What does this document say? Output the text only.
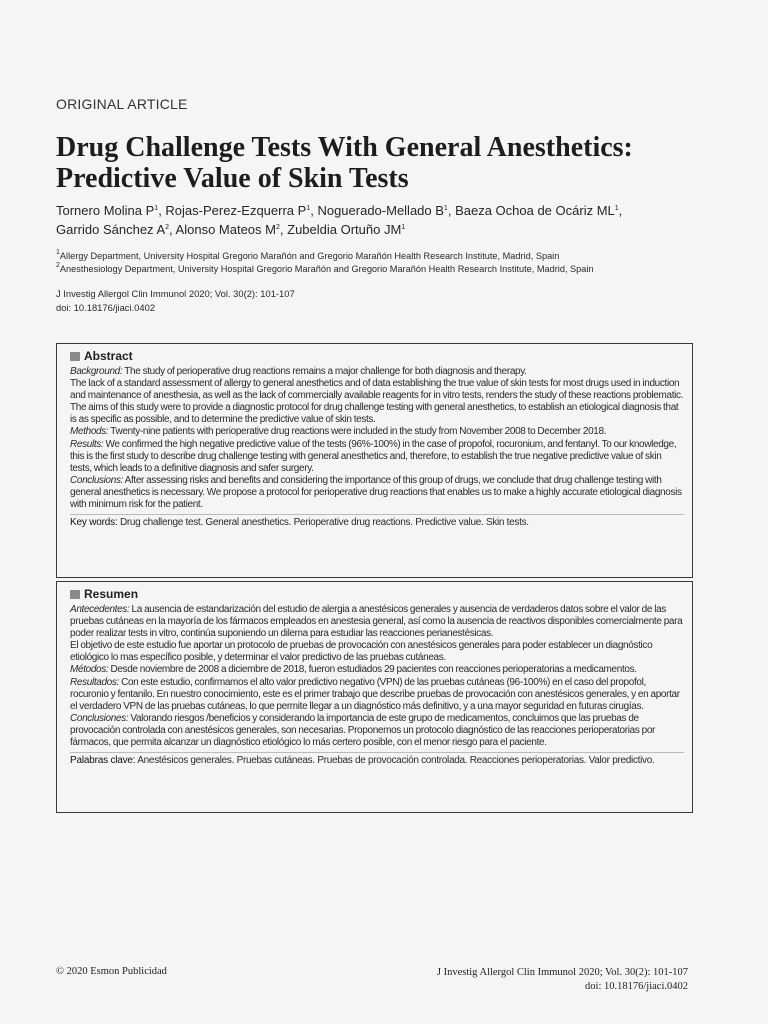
ORIGINAL ARTICLE
Drug Challenge Tests With General Anesthetics:
Predictive Value of Skin Tests
Tornero Molina $P^1$, Rojas-Perez-Ezquerra $P^1$, Noguerado-Mellado $B^1$, Baeza Ochoa de Ocáriz $ML^1$,
Garrido Sánchez $A^2$, Alonso Mateos $M^2$, Zubeldia Ortuño $JM^1$
$^1$Allergy Department, University Hospital Gregorio Marañón and Gregorio Marañón Health Research Institute, Madrid, Spain
$^2$Anesthesiology Department, University Hospital Gregorio Marañón and Gregorio Marañón Health Research Institute, Madrid, Spain
J Investig Allergol Clin Immunol 2020; Vol. 30(2): 101-107
doi: 10.18176/jiaci.0402
Abstract

Background: The study of perioperative drug reactions remains a major challenge for both diagnosis and therapy.

The lack of a standard assessment of allergy to general anesthetics and of data establishing the true value of skin tests for most drugs used in induction and maintenance of anesthesia, as well as the lack of commercially available reagents for in vitro tests, renders the study of these reactions problematic.

The aims of this study were to provide a diagnostic protocol for drug challenge testing with general anesthetics, to establish an etiological diagnosis that is as specific as possible, and to determine the predictive value of skin tests.

Methods: Twenty-nine patients with perioperative drug reactions were included in the study from November 2008 to December 2018.

Results: We confirmed the high negative predictive value of the tests (96%-100%) in the case of propofol, rocuronium, and fentanyl. To our knowledge, this is the first study to describe drug challenge testing with general anesthetics and, therefore, to establish the true negative predictive value of skin tests, which leads to a definitive diagnosis and safer surgery.

Conclusions: After assessing risks and benefits and considering the importance of this group of drugs, we conclude that drug challenge testing with general anesthetics is necessary. We propose a protocol for perioperative drug reactions that enables us to make a highly accurate etiological diagnosis with minimum risk for the patient.

Key words: Drug challenge test. General anesthetics. Perioperative drug reactions. Predictive value. Skin tests.
Resumen

Antecedentes: La ausencia de estandarización del estudio de alergia a anestésicos generales y ausencia de verdaderos datos sobre el valor de las pruebas cutáneas en la mayoría de los fármacos empleados en anestesia general, así como la ausencia de reactivos disponibles comercialmente para poder realizar tests in vitro, continúa suponiendo un dilema para estudiar las reacciones perianestésicas.

El objetivo de este estudio fue aportar un protocolo de pruebas de provocación con anestésicos generales para poder establecer un diagnóstico etiológico lo mas específico posible, y determinar el valor predictivo de las pruebas cutáneas.

Métodos: Desde noviembre de 2008 a diciembre de 2018, fueron estudiados 29 pacientes con reacciones perioperatorias a medicamentos.

Resultados: Con este estudio, confirmamos el alto valor predictivo negativo (VPN) de las pruebas cutáneas (96-100%) en el caso del propofol, rocuronio y fentanilo. En nuestro conocimiento, este es el primer trabajo que describe pruebas de provocación con anestésicos generales, y en aportar el verdadero VPN de las pruebas cutáneas, lo que permite llegar a un diagnóstico más definitivo, y a una mayor seguridad en futuras cirugías.

Conclusiones: Valorando riesgos /beneficios y considerando la importancia de este grupo de medicamentos, concluimos que las pruebas de provocación controlada con anestésicos generales, son necesarias. Proponemos un protocolo diagnóstico de las reacciones perioperatorias por fármacos, que permita alcanzar un diagnóstico etiológico lo más certero posible, con el menor riesgo para el paciente.

Palabras clave: Anestésicos generales. Pruebas cutáneas. Pruebas de provocación controlada. Reacciones perioperatorias. Valor predictivo.
© 2020 Esmon Publicidad	J Investig Allergol Clin Immunol 2020; Vol. 30(2): 101-107
doi: 10.18176/jiaci.0402
